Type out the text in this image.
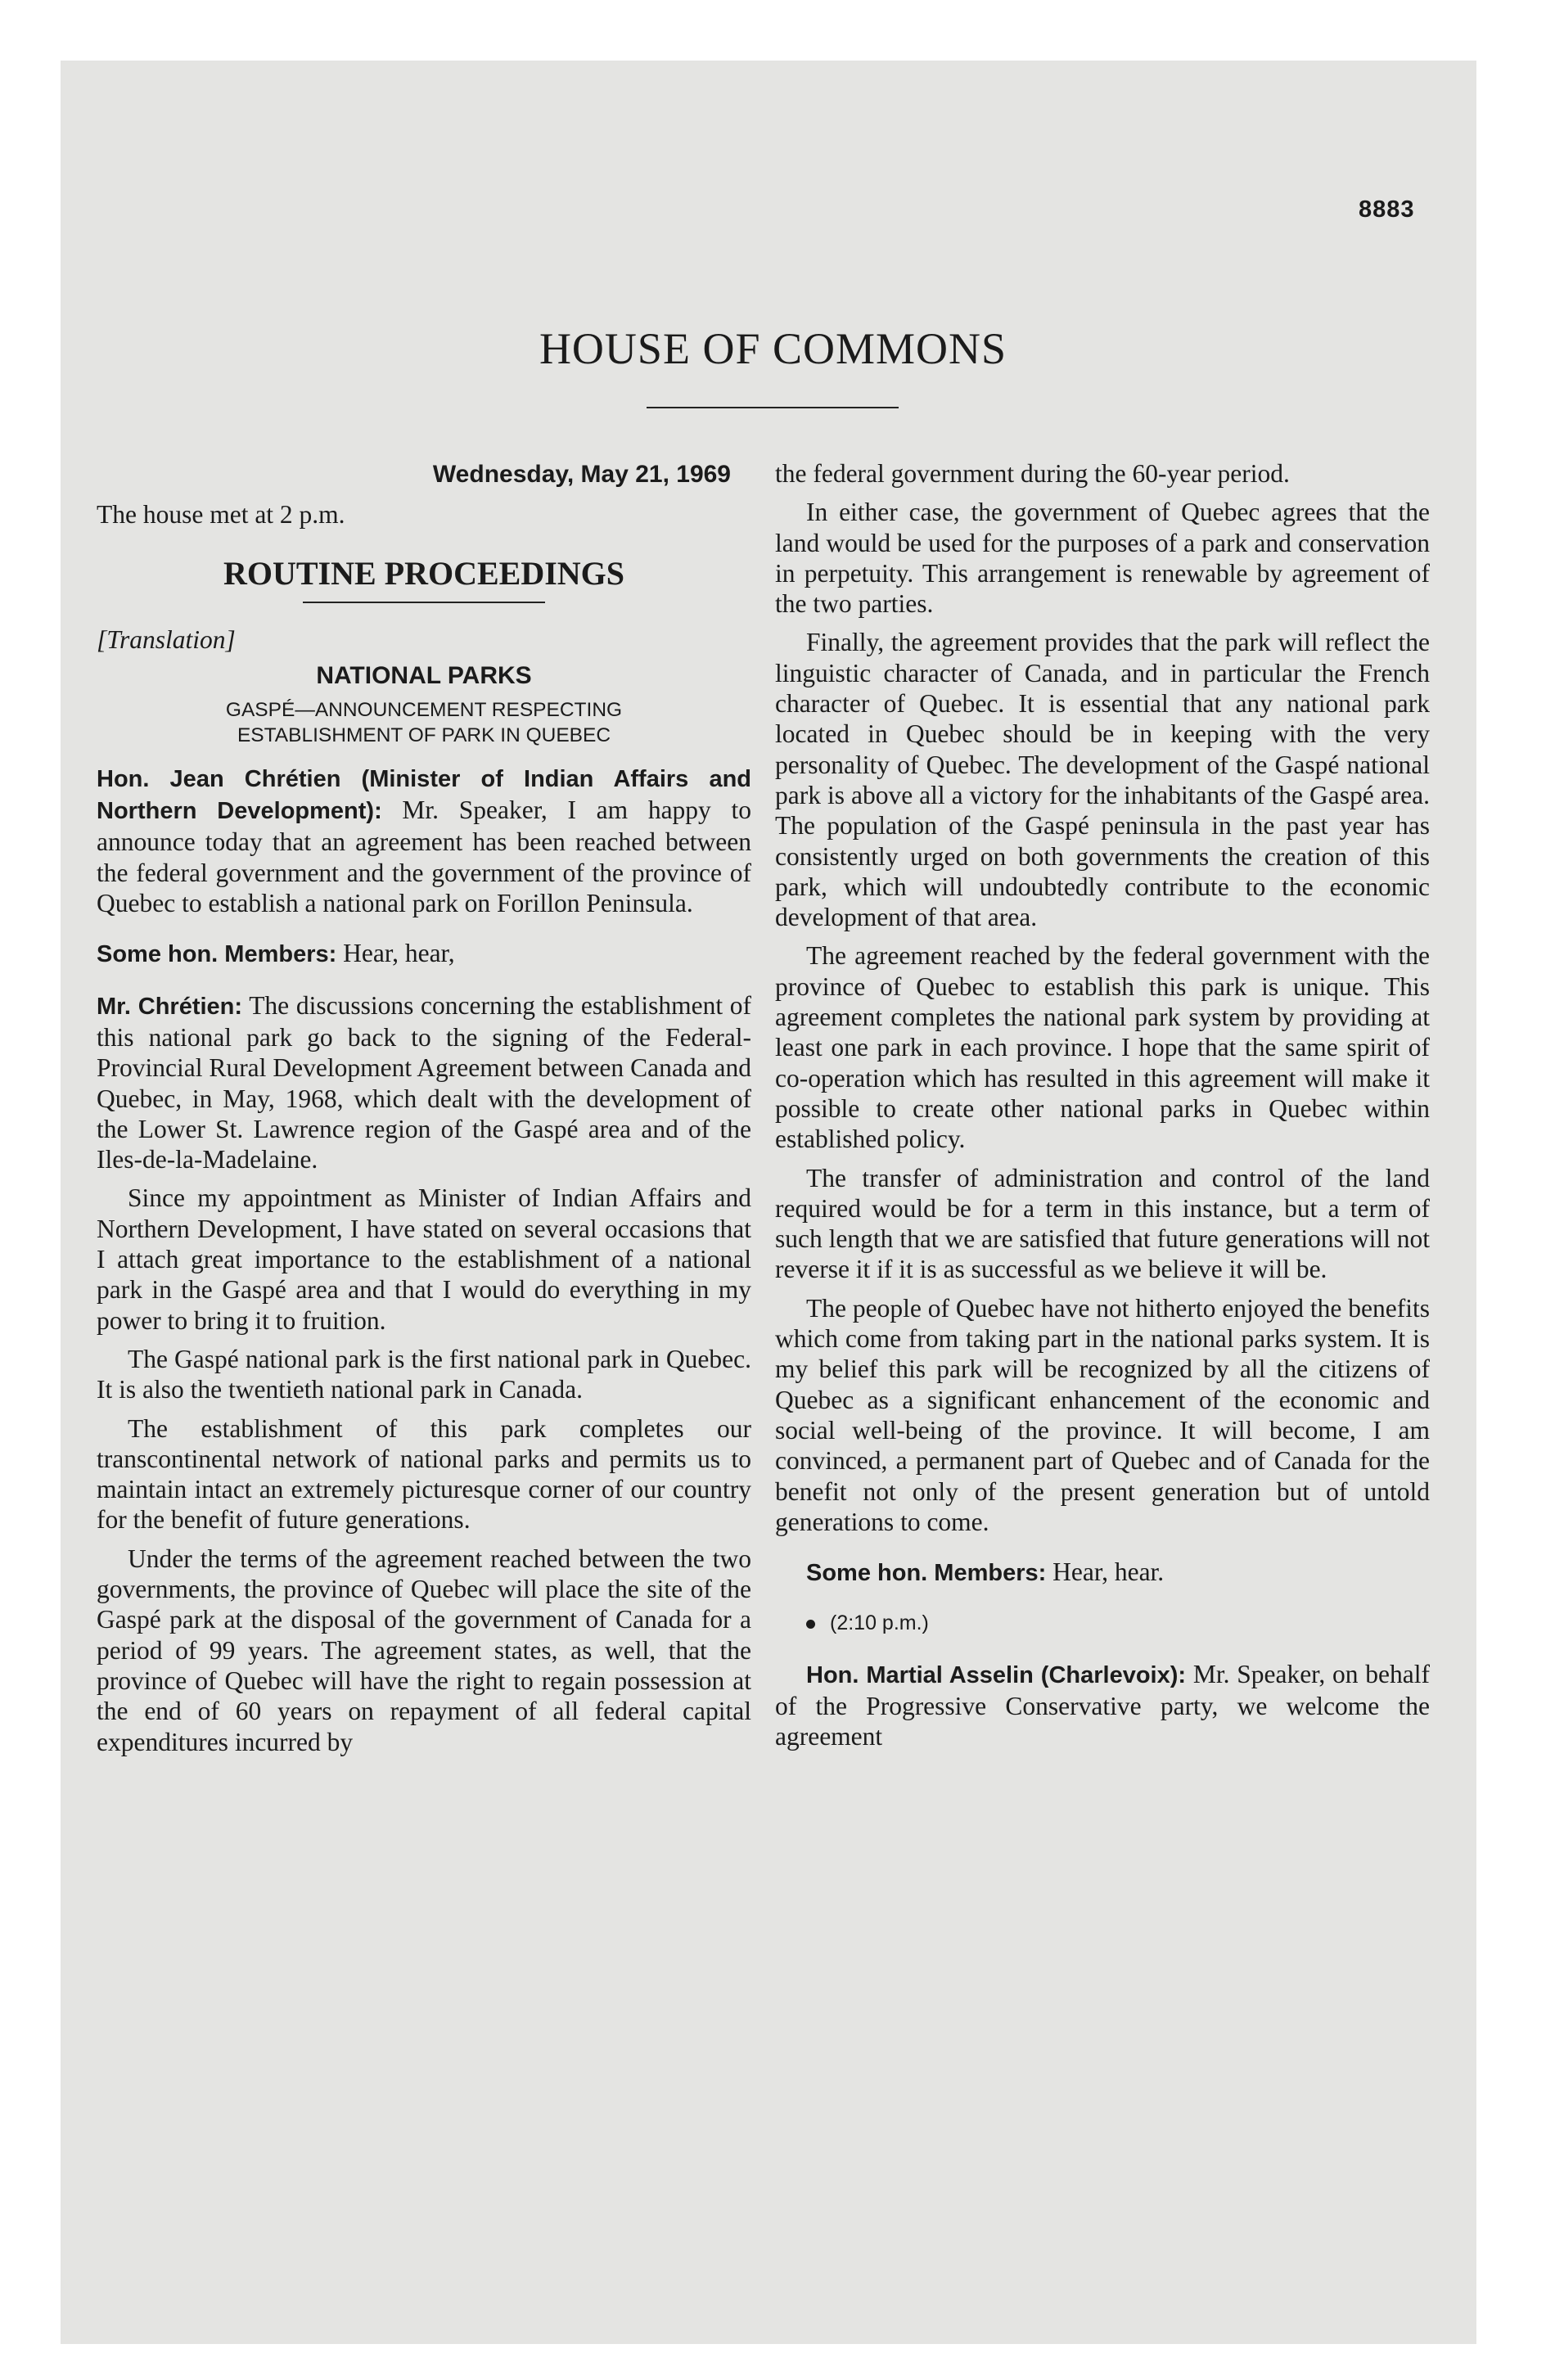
8883
HOUSE OF COMMONS
Wednesday, May 21, 1969

The house met at 2 p.m.

ROUTINE PROCEEDINGS

[Translation]

NATIONAL PARKS
GASPÉ—ANNOUNCEMENT RESPECTING
ESTABLISHMENT OF PARK IN QUEBEC

Hon. Jean Chrétien (Minister of Indian Affairs and Northern Development): Mr. Speaker, I am happy to announce today that an agreement has been reached between the federal government and the government of the province of Quebec to establish a national park on Forillon Peninsula.

Some hon. Members: Hear, hear,

Mr. Chrétien: The discussions concerning the establishment of this national park go back to the signing of the Federal-Provincial Rural Development Agreement between Canada and Quebec, in May, 1968, which dealt with the development of the Lower St. Lawrence region of the Gaspé area and of the Iles-de-la-Madelaine.

Since my appointment as Minister of Indian Affairs and Northern Development, I have stated on several occasions that I attach great importance to the establishment of a national park in the Gaspé area and that I would do everything in my power to bring it to fruition.

The Gaspé national park is the first national park in Quebec. It is also the twentieth national park in Canada.

The establishment of this park completes our transcontinental network of national parks and permits us to maintain intact an extremely picturesque corner of our country for the benefit of future generations.

Under the terms of the agreement reached between the two governments, the province of Quebec will place the site of the Gaspé park at the disposal of the government of Canada for a period of 99 years. The agreement states, as well, that the province of Quebec will have the right to regain possession at the end of 60 years on repayment of all federal capital expenditures incurred by

the federal government during the 60-year period.

In either case, the government of Quebec agrees that the land would be used for the purposes of a park and conservation in perpetuity. This arrangement is renewable by agreement of the two parties.

Finally, the agreement provides that the park will reflect the linguistic character of Canada, and in particular the French character of Quebec. It is essential that any national park located in Quebec should be in keeping with the very personality of Quebec. The development of the Gaspé national park is above all a victory for the inhabitants of the Gaspé area. The population of the Gaspé peninsula in the past year has consistently urged on both governments the creation of this park, which will undoubtedly contribute to the economic development of that area.

The agreement reached by the federal government with the province of Quebec to establish this park is unique. This agreement completes the national park system by providing at least one park in each province. I hope that the same spirit of co-operation which has resulted in this agreement will make it possible to create other national parks in Quebec within established policy.

The transfer of administration and control of the land required would be for a term in this instance, but a term of such length that we are satisfied that future generations will not reverse it if it is as successful as we believe it will be.

The people of Quebec have not hitherto enjoyed the benefits which come from taking part in the national parks system. It is my belief this park will be recognized by all the citizens of Quebec as a significant enhancement of the economic and social well-being of the province. It will become, I am convinced, a permanent part of Quebec and of Canada for the benefit not only of the present generation but of untold generations to come.

Some hon. Members: Hear, hear.

(2:10 p.m.)

Hon. Martial Asselin (Charlevoix): Mr. Speaker, on behalf of the Progressive Conservative party, we welcome the agreement
